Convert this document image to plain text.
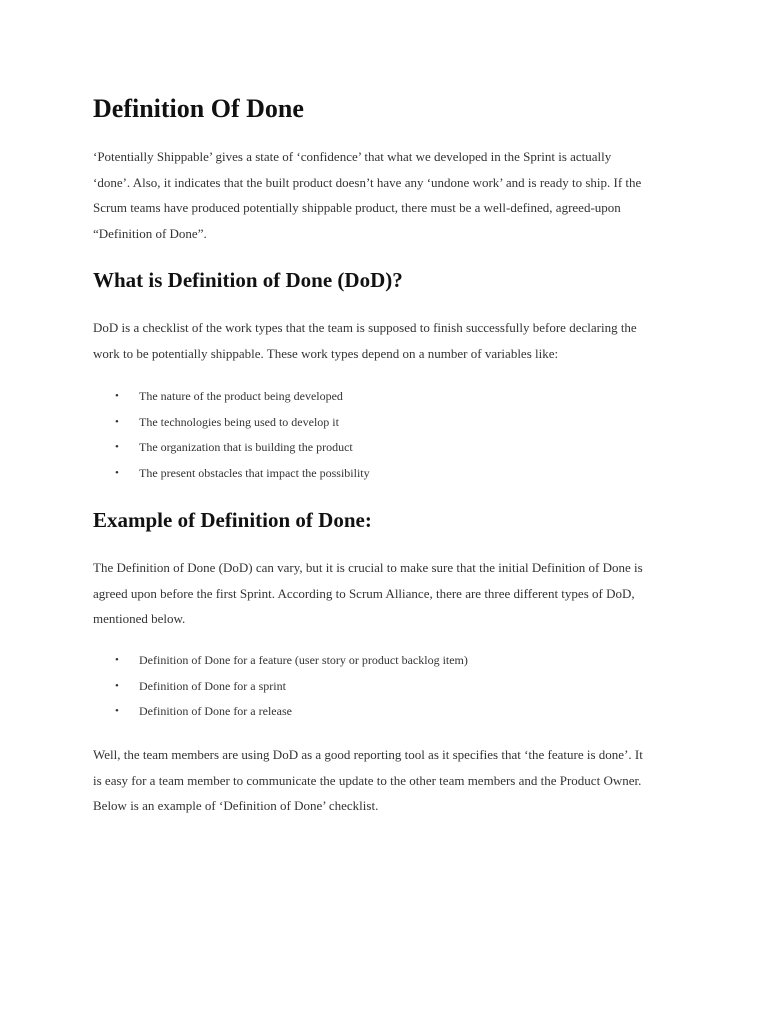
Definition Of Done

‘Potentially Shippable’ gives a state of ‘confidence’ that what we developed in the Sprint is actually
‘done’. Also, it indicates that the built product doesn’t have any ‘undone work’ and is ready to ship. If the
Scrum teams have produced potentially shippable product, there must be a well-defined, agreed-upon
“Definition of Done”.

What is Definition of Done (DoD)?

DoD is a checklist of the work types that the team is supposed to finish successfully before declaring the
work to be potentially shippable. These work types depend on a number of variables like:

• The nature of the product being developed
• The technologies being used to develop it
• The organization that is building the product
• The present obstacles that impact the possibility
Example of Definition of Done:

The Definition of Done (DoD) can vary, but it is crucial to make sure that the initial Definition of Done is
agreed upon before the first Sprint. According to Scrum Alliance, there are three different types of DoD,
mentioned below.

• Definition of Done for a feature (user story or product backlog item)
• Definition of Done for a sprint
• Definition of Done for a release

Well, the team members are using DoD as a good reporting tool as it specifies that ‘the feature is done’. It
is easy for a team member to communicate the update to the other team members and the Product Owner.
Below is an example of ‘Definition of Done’ checklist.
